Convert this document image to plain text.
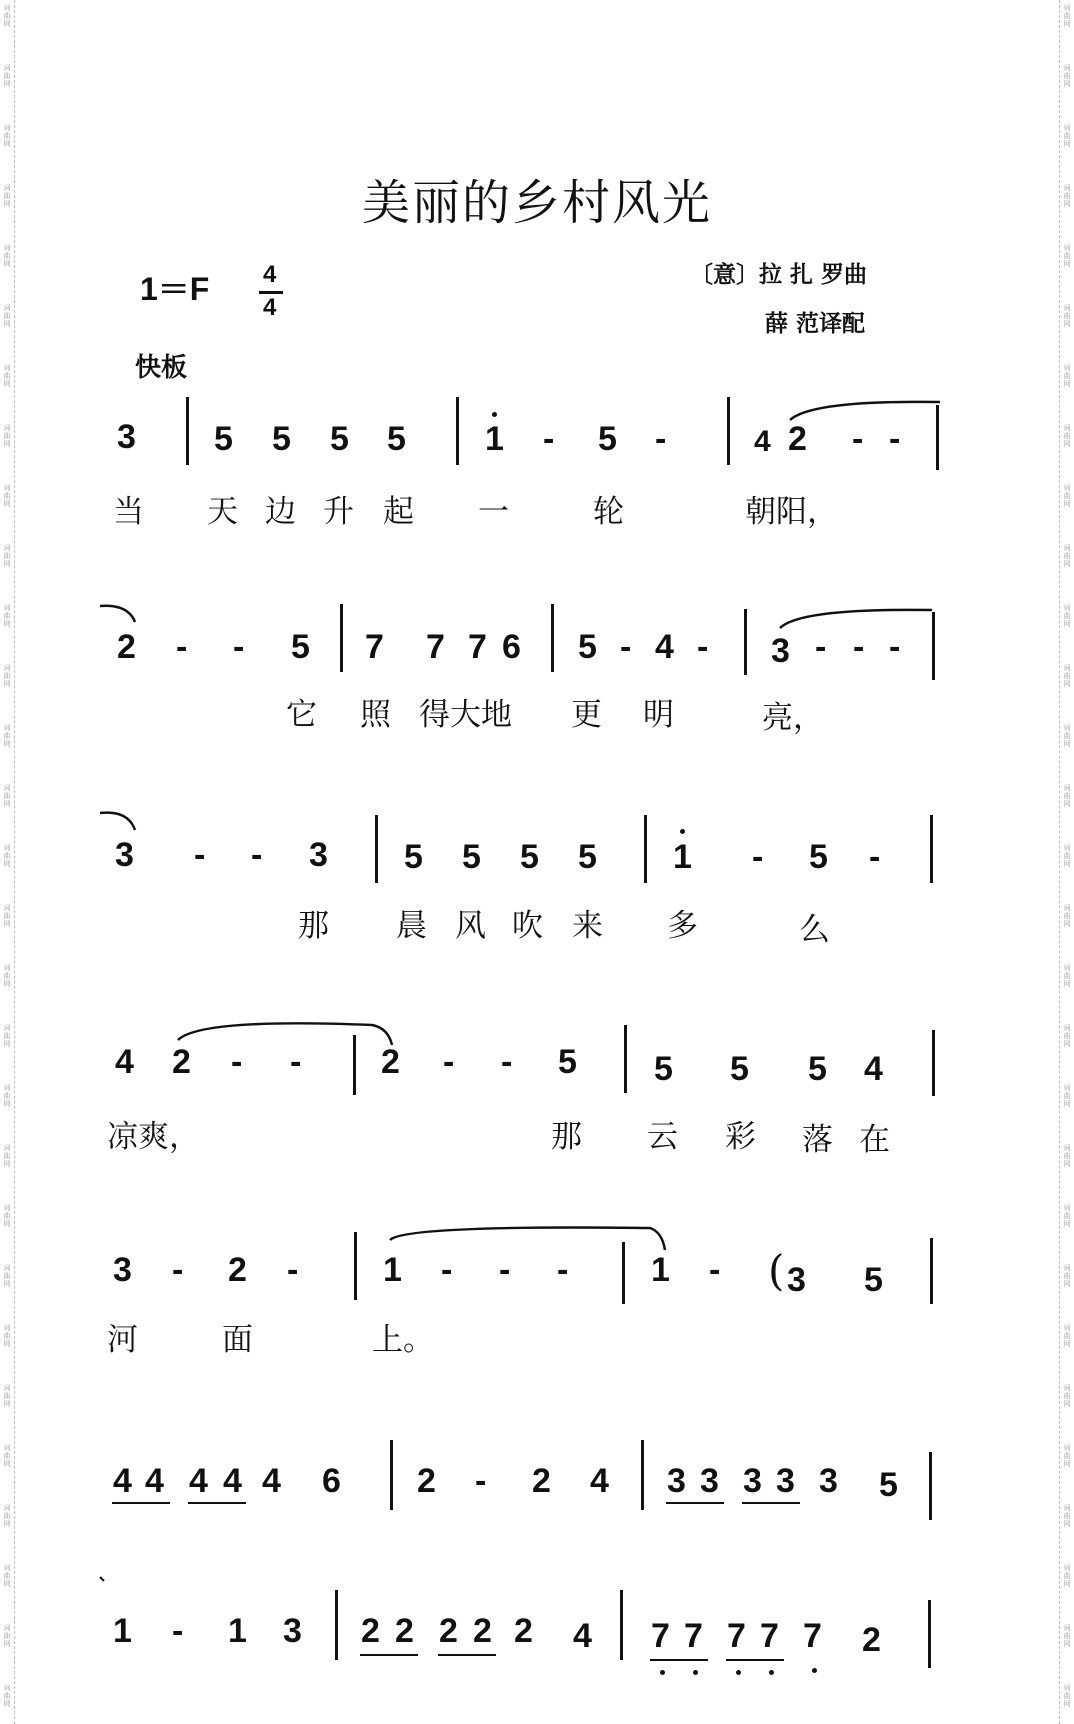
词曲网
词曲网
词曲网
词曲网
词曲网
词曲网
词曲网
词曲网
词曲网
词曲网
词曲网
词曲网
词曲网
词曲网
词曲网
词曲网
词曲网
词曲网
词曲网
词曲网
词曲网
词曲网
词曲网
词曲网
词曲网
词曲网
词曲网
词曲网
词曲网
词曲网
词曲网
词曲网
词曲网
词曲网
词曲网
词曲网
词曲网
词曲网
词曲网
词曲网
词曲网
词曲网
词曲网
词曲网
词曲网
词曲网
词曲网
词曲网
词曲网
词曲网
词曲网
词曲网
词曲网
词曲网
词曲网
词曲网
词曲网
词曲网
美丽的乡村风光
1＝F 4
4
〔意〕拉 扎 罗曲
薛 范译配
快板
3 5 5 5 5 1 - 5 -	4 2 - -
当 天 边 升 起 一	轮	朝阳，
2 - - 5 7 7 7 6 5 - 4 - 3 - - -
它 照 得大地 更 明	亮，
3 - - 3 5 5 5 5 1 - 5 -
那 晨 风 吹 来 多	么
4 2 - - 2 - - 5 5 5 5 4
凉爽，	那 云 彩 落 在
3 - 2 - 1 - - - 1 - ( 3 5
河	面	上。
4 4 4 4 4 6 2 - 2 4 3 3 3 3 3 5
1 - 1 3 2 2 2 2 2 4 7 7 7 7 7 2
